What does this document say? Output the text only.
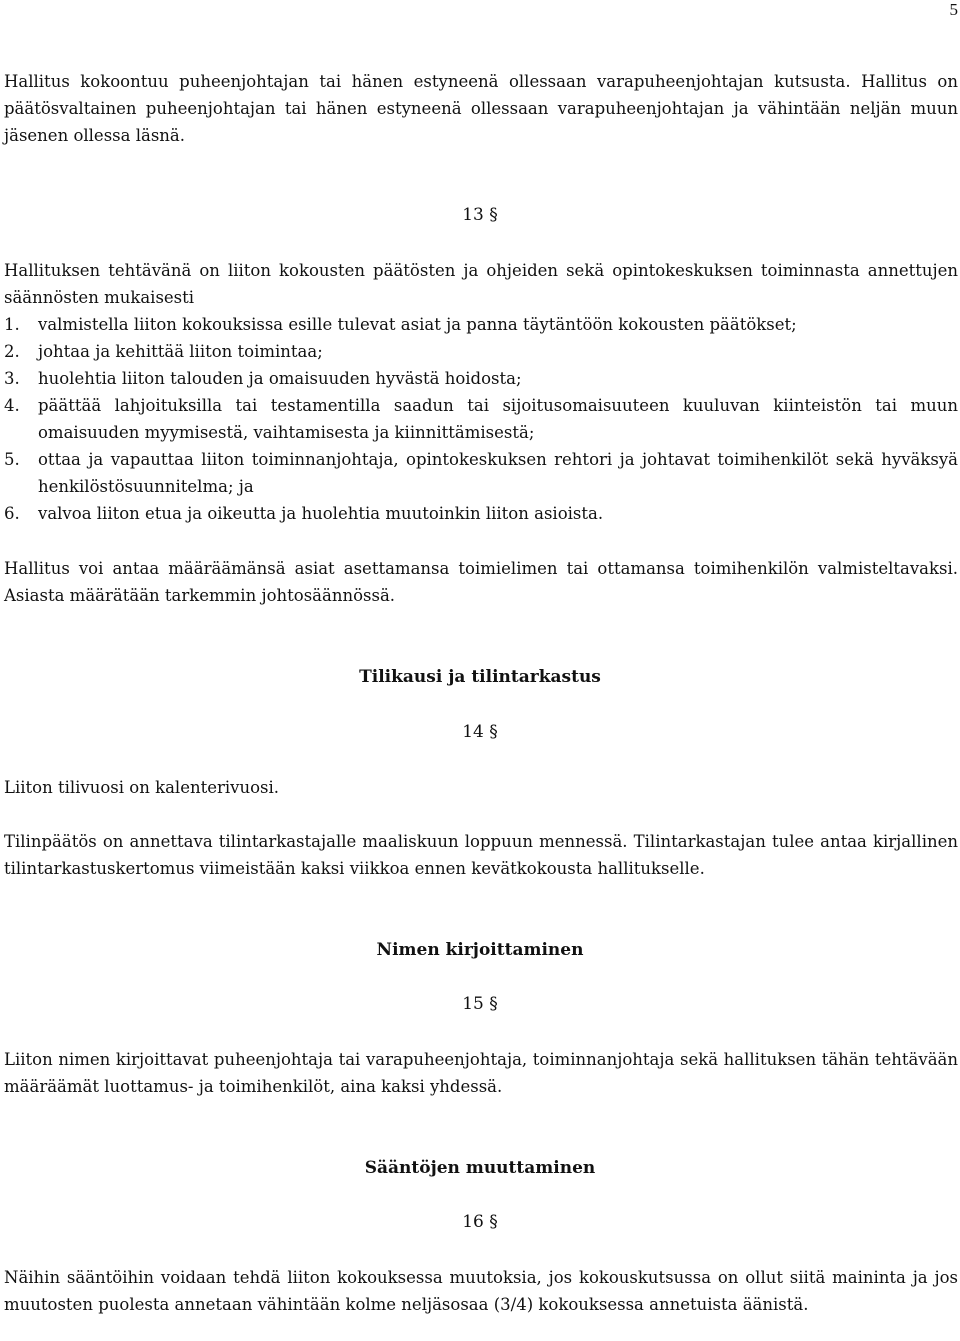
5

Hallitus kokoontuu puheenjohtajan tai hänen estyneenä ollessaan varapuheenjohtajan kutsusta. Hallitus on päätösvaltainen puheenjohtajan tai hänen estyneenä ollessaan varapuheenjohtajan ja vähintään neljän muun jäsenen ollessa läsnä.

13 §

Hallituksen tehtävänä on liiton kokousten päätösten ja ohjeiden sekä opintokeskuksen toiminnasta annettujen säännösten mukaisesti

1.	valmistella liiton kokouksissa esille tulevat asiat ja panna täytäntöön kokousten päätökset;
2.	johtaa ja kehittää liiton toimintaa;
3.	huolehtia liiton talouden ja omaisuuden hyvästä hoidosta;
4.	päättää lahjoituksilla tai testamentilla saadun tai sijoitusomaisuuteen kuuluvan kiinteistön tai muun omaisuuden myymisestä, vaihtamisesta ja kiinnittämisestä;
5.	ottaa ja vapauttaa liiton toiminnanjohtaja, opintokeskuksen rehtori ja johtavat toimihenkilöt sekä hyväksyä henkilöstösuunnitelma; ja
6.	valvoa liiton etua ja oikeutta ja huolehtia muutoinkin liiton asioista.

Hallitus voi antaa määräämänsä asiat asettamansa toimielimen tai ottamansa toimihenkilön valmisteltavaksi. Asiasta määrätään tarkemmin johtosäännössä.

Tilikausi ja tilintarkastus
14 §

Liiton tilivuosi on kalenterivuosi.

Tilinpäätös on annettava tilintarkastajalle maaliskuun loppuun mennessä. Tilintarkastajan tulee antaa kirjallinen tilintarkastuskertomus viimeistään kaksi viikkoa ennen kevätkokousta hallitukselle.

Nimen kirjoittaminen
15 §

Liiton nimen kirjoittavat puheenjohtaja tai varapuheenjohtaja, toiminnanjohtaja sekä hallituksen tähän tehtävään määräämät luottamus- ja toimihenkilöt, aina kaksi yhdessä.

Sääntöjen muuttaminen
16 §

Näihin sääntöihin voidaan tehdä liiton kokouksessa muutoksia, jos kokouskutsussa on ollut siitä maininta ja jos muutosten puolesta annetaan vähintään kolme neljäsosaa (3/4) kokouksessa annetuista äänistä.
